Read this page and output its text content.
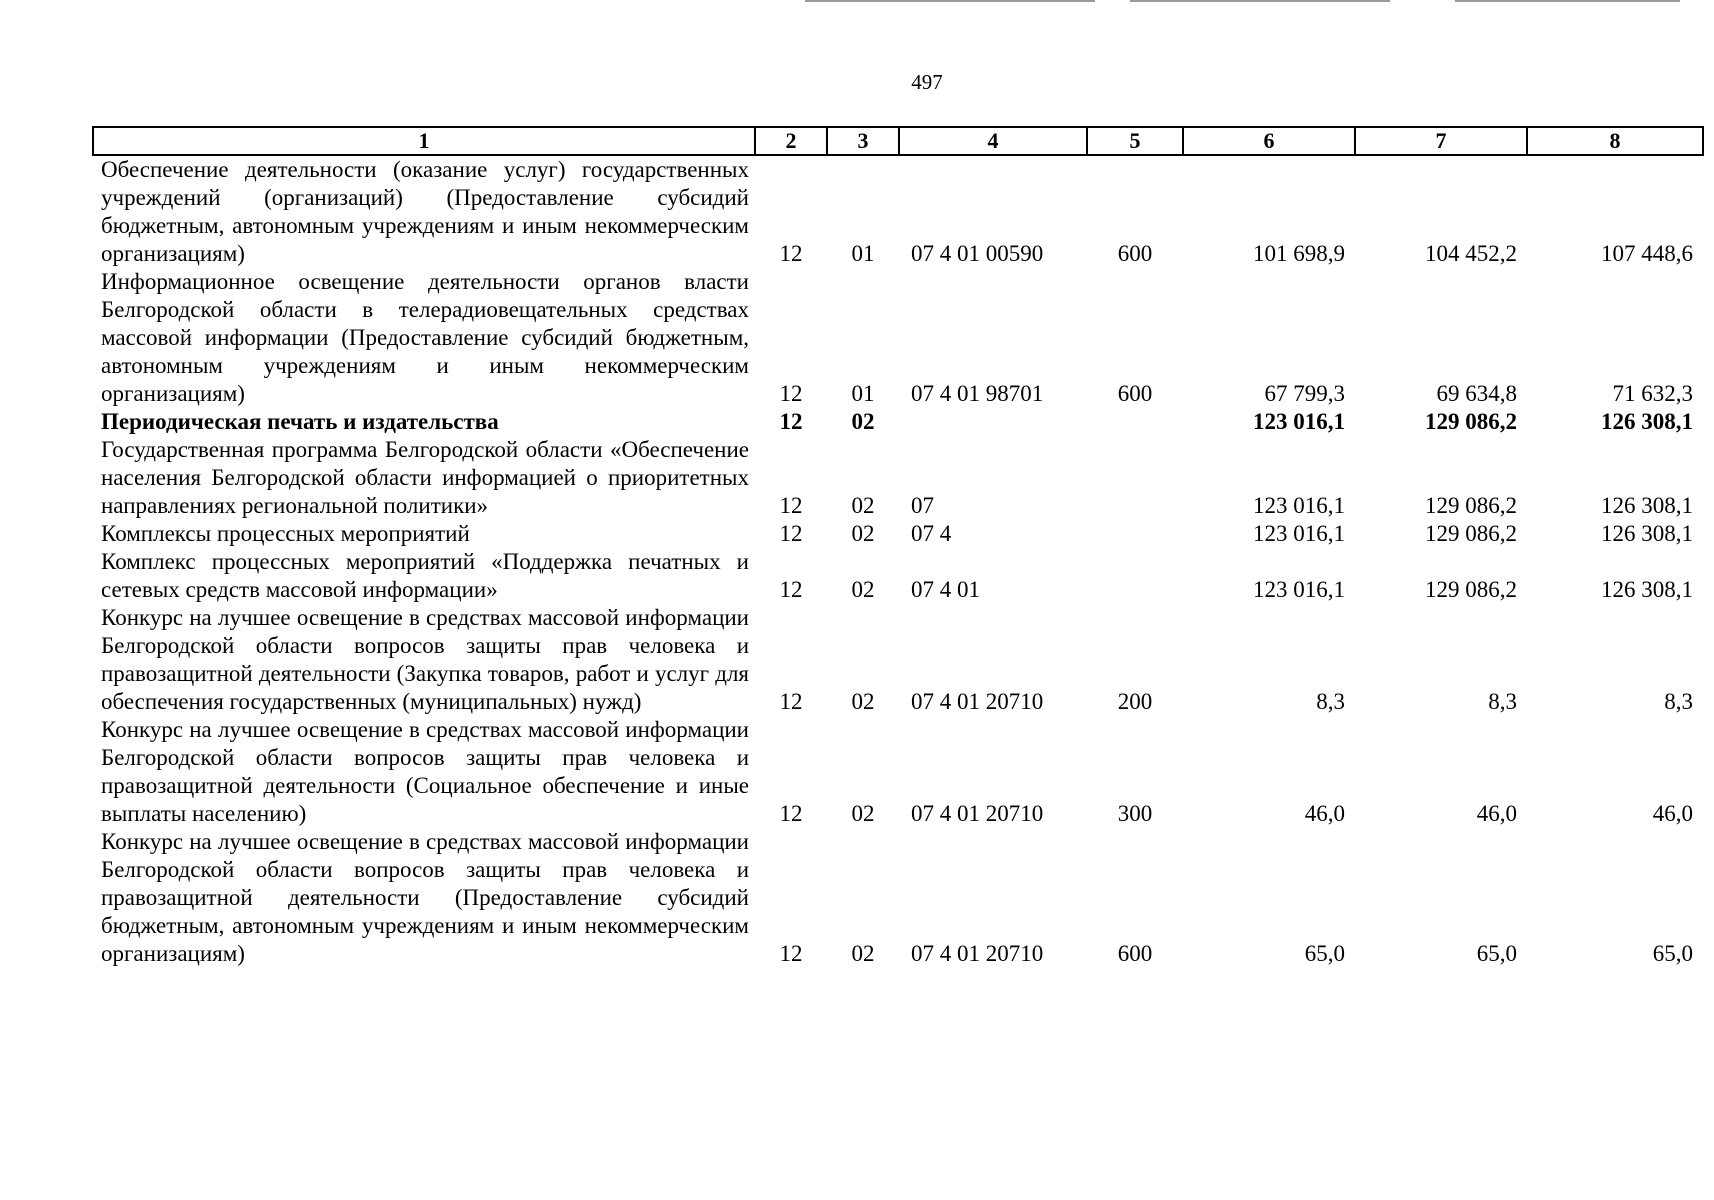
497
1	2	3	4	5	6	7	8
Обеспечение деятельности (оказание услуг) государственных учреждений (организаций) (Предоставление субсидий бюджетным, автономным учреждениям и иным некоммерческим организациям)	12	01	07 4 01 00590	600	101 698,9	104 452,2	107 448,6
Информационное освещение деятельности органов власти Белгородской области в телерадиовещательных средствах массовой информации (Предоставление субсидий бюджетным, автономным учреждениям и иным некоммерческим организациям)	12	01	07 4 01 98701	600	67 799,3	69 634,8	71 632,3
Периодическая печать и издательства	12	02			123 016,1	129 086,2	126 308,1
Государственная программа Белгородской области «Обеспечение населения Белгородской области информацией о приоритетных направлениях региональной политики»	12	02	07		123 016,1	129 086,2	126 308,1
Комплексы процессных мероприятий	12	02	07 4		123 016,1	129 086,2	126 308,1
Комплекс процессных мероприятий «Поддержка печатных и сетевых средств массовой информации»	12	02	07 4 01		123 016,1	129 086,2	126 308,1
Конкурс на лучшее освещение в средствах массовой информации Белгородской области вопросов защиты прав человека и правозащитной деятельности (Закупка товаров, работ и услуг для обеспечения государственных (муниципальных) нужд)	12	02	07 4 01 20710	200	8,3	8,3	8,3
Конкурс на лучшее освещение в средствах массовой информации Белгородской области вопросов защиты прав человека и правозащитной деятельности (Социальное обеспечение и иные выплаты населению)	12	02	07 4 01 20710	300	46,0	46,0	46,0
Конкурс на лучшее освещение в средствах массовой информации Белгородской области вопросов защиты прав человека и правозащитной деятельности (Предоставление субсидий бюджетным, автономным учреждениям и иным некоммерческим организациям)	12	02	07 4 01 20710	600	65,0	65,0	65,0
